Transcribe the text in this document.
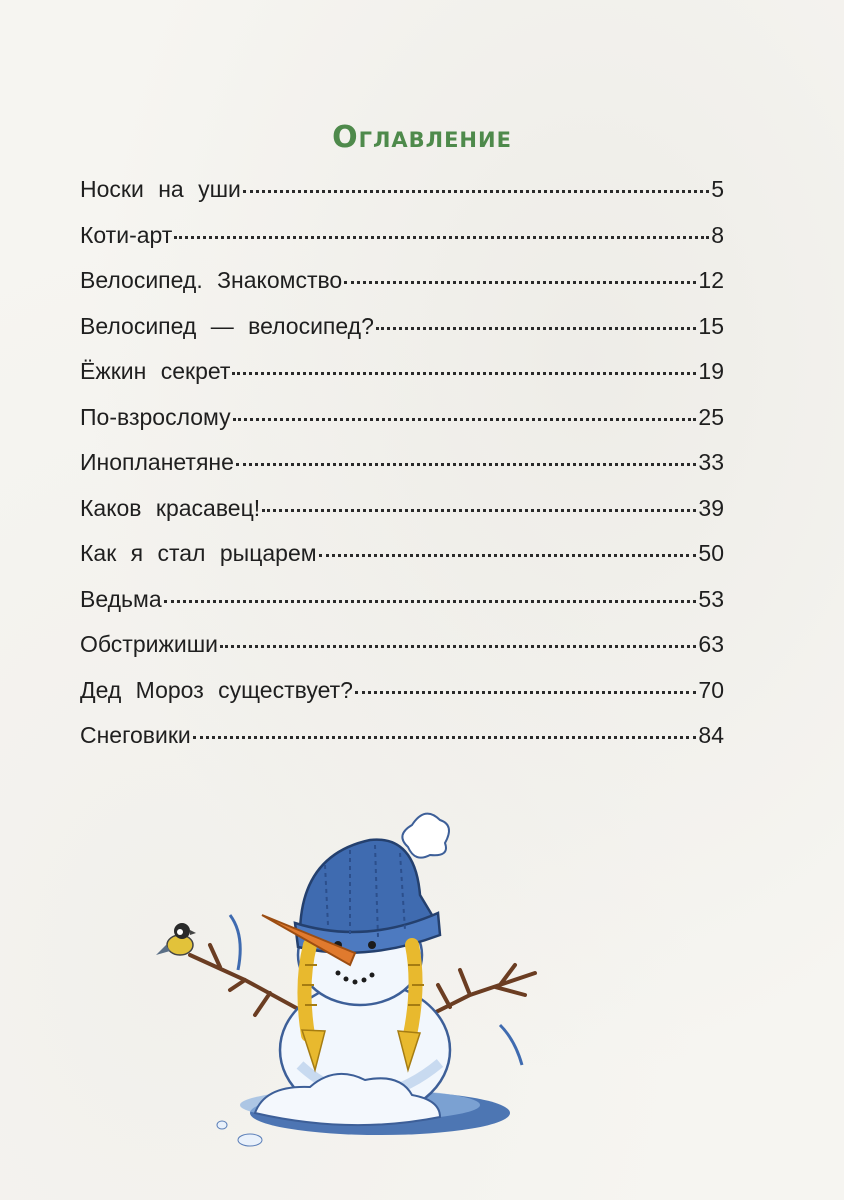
Оглавление
Носки на уши	5
Коти-арт	8
Велосипед. Знакомство	12
Велосипед — велосипед?	15
Ёжкин секрет	19
По-взрослому	25
Инопланетяне	33
Каков красавец!	39
Как я стал рыцарем	50
Ведьма	53
Обстрижиши	63
Дед Мороз существует?	70
Снеговики	84
